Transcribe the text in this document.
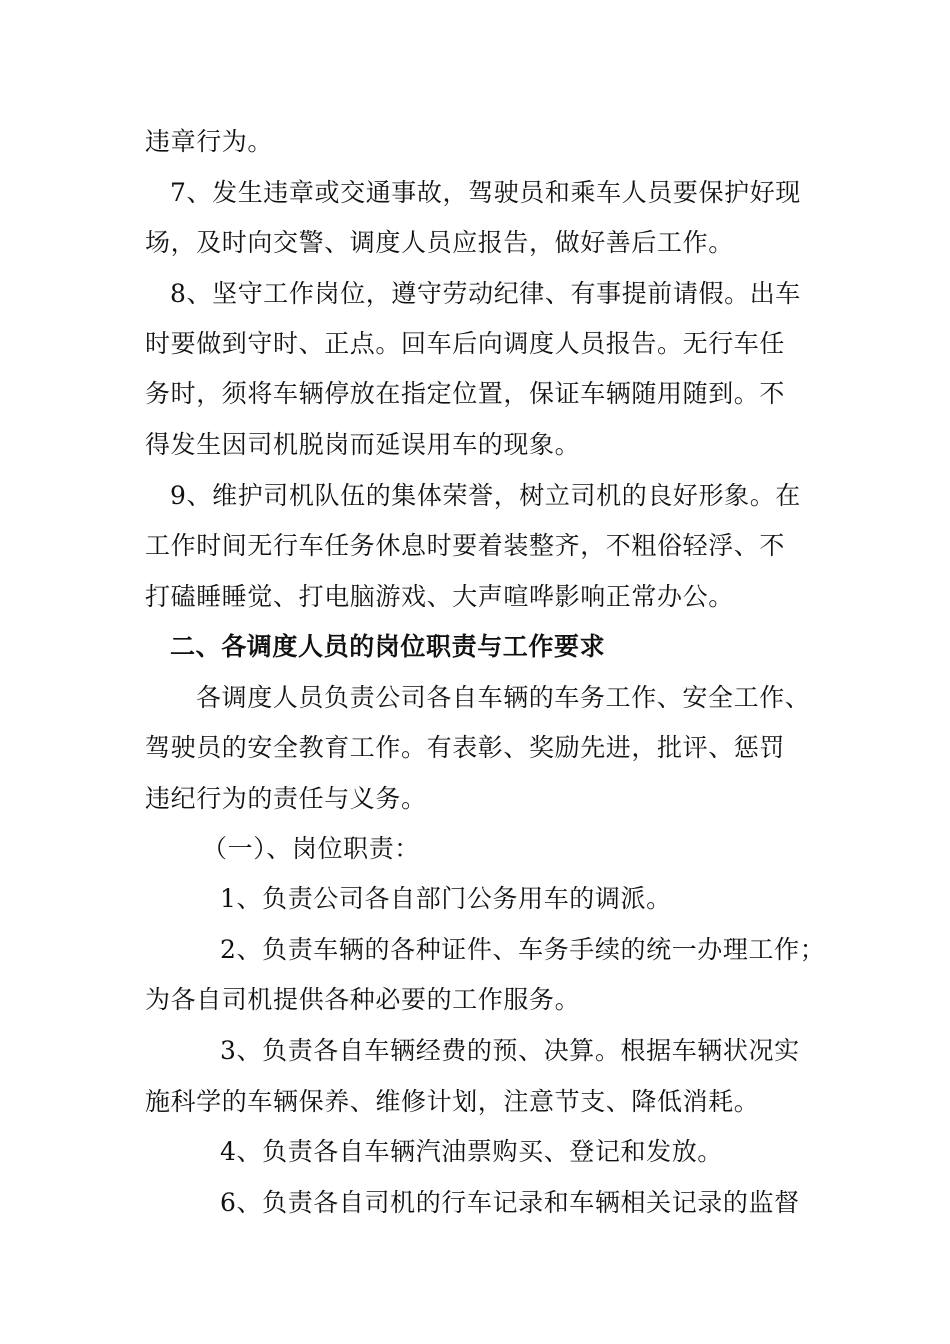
违章行为。
7、发生违章或交通事故，驾驶员和乘车人员要保护好现
场，及时向交警、调度人员应报告，做好善后工作。
8、坚守工作岗位，遵守劳动纪律、有事提前请假。出车
时要做到守时、正点。回车后向调度人员报告。无行车任
务时，须将车辆停放在指定位置，保证车辆随用随到。不
得发生因司机脱岗而延误用车的现象。
9、维护司机队伍的集体荣誉，树立司机的良好形象。在
工作时间无行车任务休息时要着装整齐，不粗俗轻浮、不
打磕睡睡觉、打电脑游戏、大声喧哗影响正常办公。
二、各调度人员的岗位职责与工作要求
各调度人员负责公司各自车辆的车务工作、安全工作、
驾驶员的安全教育工作。有表彰、奖励先进，批评、惩罚
违纪行为的责任与义务。
（一）、岗位职责：
1、负责公司各自部门公务用车的调派。
2、负责车辆的各种证件、车务手续的统一办理工作；
为各自司机提供各种必要的工作服务。
3、负责各自车辆经费的预、决算。根据车辆状况实
施科学的车辆保养、维修计划，注意节支、降低消耗。
4、负责各自车辆汽油票购买、登记和发放。
6、负责各自司机的行车记录和车辆相关记录的监督
